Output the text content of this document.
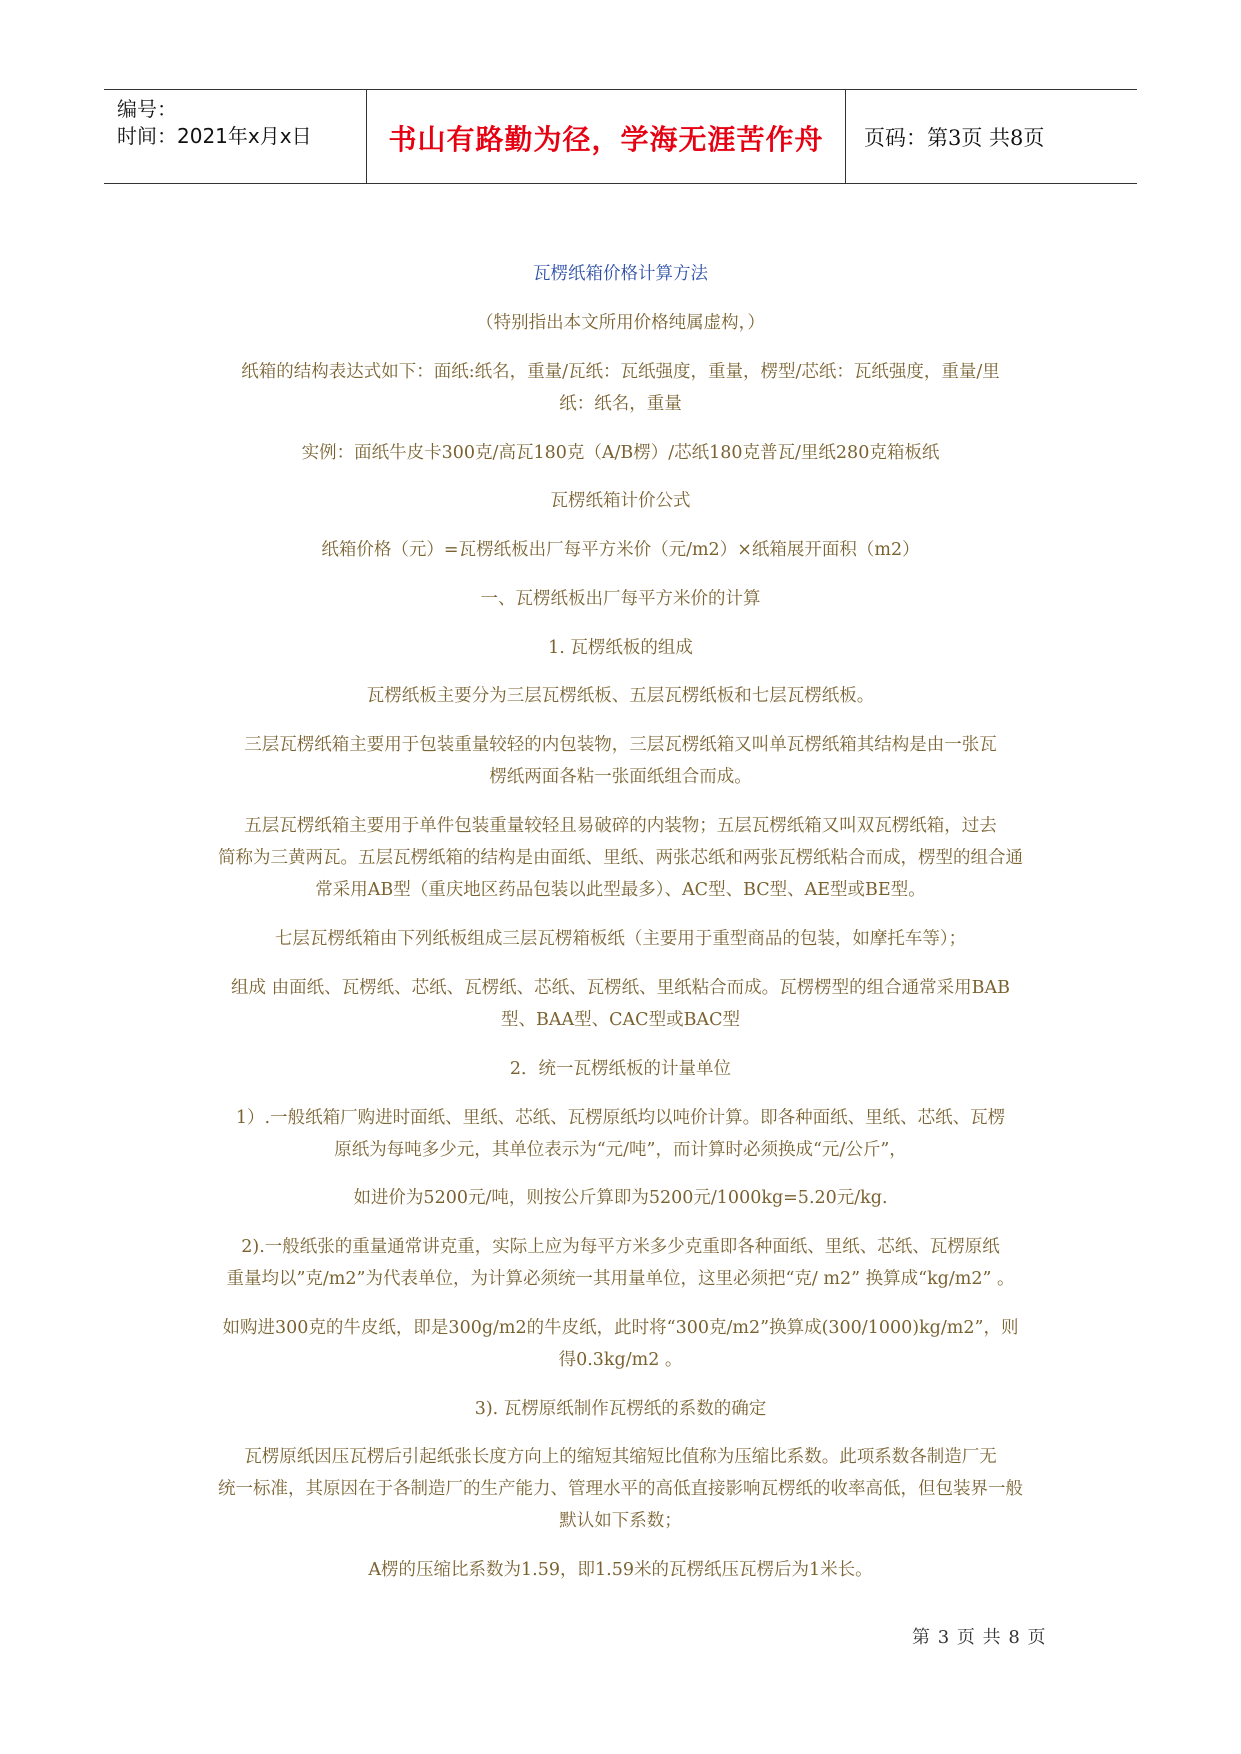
编号：
时间：2021年x月x日	书山有路勤为径，学海无涯苦作舟	页码：第3页 共8页
瓦楞纸箱价格计算方法
（特别指出本文所用价格纯属虚构，）
纸箱的结构表达式如下：面纸:纸名，重量/瓦纸：瓦纸强度，重量，楞型/芯纸：瓦纸强度，重量/里
纸：纸名，重量
实例：面纸牛皮卡300克/高瓦180克（A/B楞）/芯纸180克普瓦/里纸280克箱板纸
瓦楞纸箱计价公式
纸箱价格（元）=瓦楞纸板出厂每平方米价（元/m2）×纸箱展开面积（m2）
一、瓦楞纸板出厂每平方米价的计算
1. 瓦楞纸板的组成
瓦楞纸板主要分为三层瓦楞纸板、五层瓦楞纸板和七层瓦楞纸板。
三层瓦楞纸箱主要用于包装重量较轻的内包装物，三层瓦楞纸箱又叫单瓦楞纸箱其结构是由一张瓦
楞纸两面各粘一张面纸组合而成。
五层瓦楞纸箱主要用于单件包装重量较轻且易破碎的内装物；五层瓦楞纸箱又叫双瓦楞纸箱，过去
简称为三黄两瓦。五层瓦楞纸箱的结构是由面纸、里纸、两张芯纸和两张瓦楞纸粘合而成，楞型的组合通
常采用AB型（重庆地区药品包装以此型最多）、AC型、BC型、AE型或BE型。
七层瓦楞纸箱由下列纸板组成三层瓦楞箱板纸（主要用于重型商品的包装，如摩托车等）；
组成 由面纸、瓦楞纸、芯纸、瓦楞纸、芯纸、瓦楞纸、里纸粘合而成。瓦楞楞型的组合通常采用BAB
型、BAA型、CAC型或BAC型
2．统一瓦楞纸板的计量单位
1）.一般纸箱厂购进时面纸、里纸、芯纸、瓦楞原纸均以吨价计算。即各种面纸、里纸、芯纸、瓦楞
原纸为每吨多少元，其单位表示为“元/吨”，而计算时必须换成“元/公斤”，
如进价为5200元/吨，则按公斤算即为5200元/1000kg=5.20元/kg.
2).一般纸张的重量通常讲克重，实际上应为每平方米多少克重即各种面纸、里纸、芯纸、瓦楞原纸
重量均以”克/m2”为代表单位，为计算必须统一其用量单位，这里必须把“克/ m2” 换算成“kg/m2” 。
如购进300克的牛皮纸，即是300g/m2的牛皮纸，此时将“300克/m2”换算成(300/1000)kg/m2”，则
得0.3kg/m2 。
3). 瓦楞原纸制作瓦楞纸的系数的确定
瓦楞原纸因压瓦楞后引起纸张长度方向上的缩短其缩短比值称为压缩比系数。此项系数各制造厂无
统一标准，其原因在于各制造厂的生产能力、管理水平的高低直接影响瓦楞纸的收率高低，但包装界一般
默认如下系数；
A楞的压缩比系数为1.59，即1.59米的瓦楞纸压瓦楞后为1米长。
第 3 页 共 8 页
